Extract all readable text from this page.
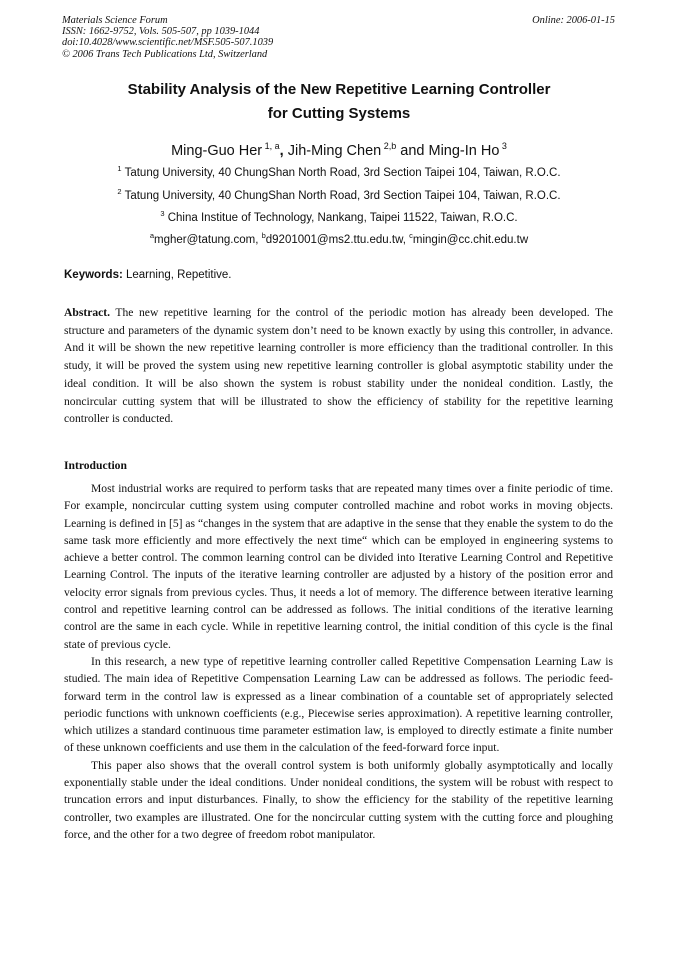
Materials Science Forum
ISSN: 1662-9752, Vols. 505-507, pp 1039-1044
doi:10.4028/www.scientific.net/MSF.505-507.1039
© 2006 Trans Tech Publications Ltd, Switzerland
Online: 2006-01-15
Stability Analysis of the New Repetitive Learning Controller
for Cutting Systems
Ming-Guo Her $^{1, a}$, Jih-Ming Chen $^{2,b}$ and Ming-In Ho $^3$
$^1$ Tatung University, 40 ChungShan North Road, 3rd Section Taipei 104, Taiwan, R.O.C.
$^2$ Tatung University, 40 ChungShan North Road, 3rd Section Taipei 104, Taiwan, R.O.C.
$^3$ China Institue of Technology, Nankang, Taipei 11522, Taiwan, R.O.C.
$^a$mgher@tatung.com, $^b$d9201001@ms2.ttu.edu.tw, $^c$mingin@cc.chit.edu.tw
Keywords: Learning, Repetitive.

Abstract. The new repetitive learning for the control of the periodic motion has already been developed. The structure and parameters of the dynamic system don’t need to be known exactly by using this controller, in advance. And it will be shown the new repetitive learning controller is more efficiency than the traditional controller. In this study, it will be proved the system using new repetitive learning controller is global asymptotic stability under the ideal condition. It will be also shown the system is robust stability under the nonideal condition. Lastly, the noncircular cutting system that will be illustrated to show the efficiency of stability for the repetitive learning controller is conducted.

Introduction

Most industrial works are required to perform tasks that are repeated many times over a finite periodic of time. For example, noncircular cutting system using computer controlled machine and robot works in moving objects. Learning is defined in [5] as “changes in the system that are adaptive in the sense that they enable the system to do the same task more efficiently and more effectively the next time“ which can be employed in engineering systems to achieve a better control. The common learning control can be divided into Iterative Learning Control and Repetitive Learning Control. The inputs of the iterative learning controller are adjusted by a history of the position error and velocity error signals from previous cycles. Thus, it needs a lot of memory. The difference between iterative learning control and repetitive learning control can be addressed as follows. The initial conditions of the iterative learning control are the same in each cycle. While in repetitive learning control, the initial condition of this cycle is the final state of previous cycle.

In this research, a new type of repetitive learning controller called Repetitive Compensation Learning Law is studied. The main idea of Repetitive Compensation Learning Law can be addressed as follows. The periodic feed-forward term in the control law is expressed as a linear combination of a countable set of appropriately selected periodic functions with unknown coefficients (e.g., Piecewise series approximation). A repetitive learning controller, which utilizes a standard continuous time parameter estimation law, is employed to directly estimate a finite number of these unknown coefficients and use them in the calculation of the feed-forward force input.

This paper also shows that the overall control system is both uniformly globally asymptotically and locally exponentially stable under the ideal conditions. Under nonideal conditions, the system will be robust with respect to truncation errors and input disturbances. Finally, to show the efficiency for the stability of the repetitive learning controller, two examples are illustrated. One for the noncircular cutting system with the cutting force and ploughing force, and the other for a two degree of freedom robot manipulator.
